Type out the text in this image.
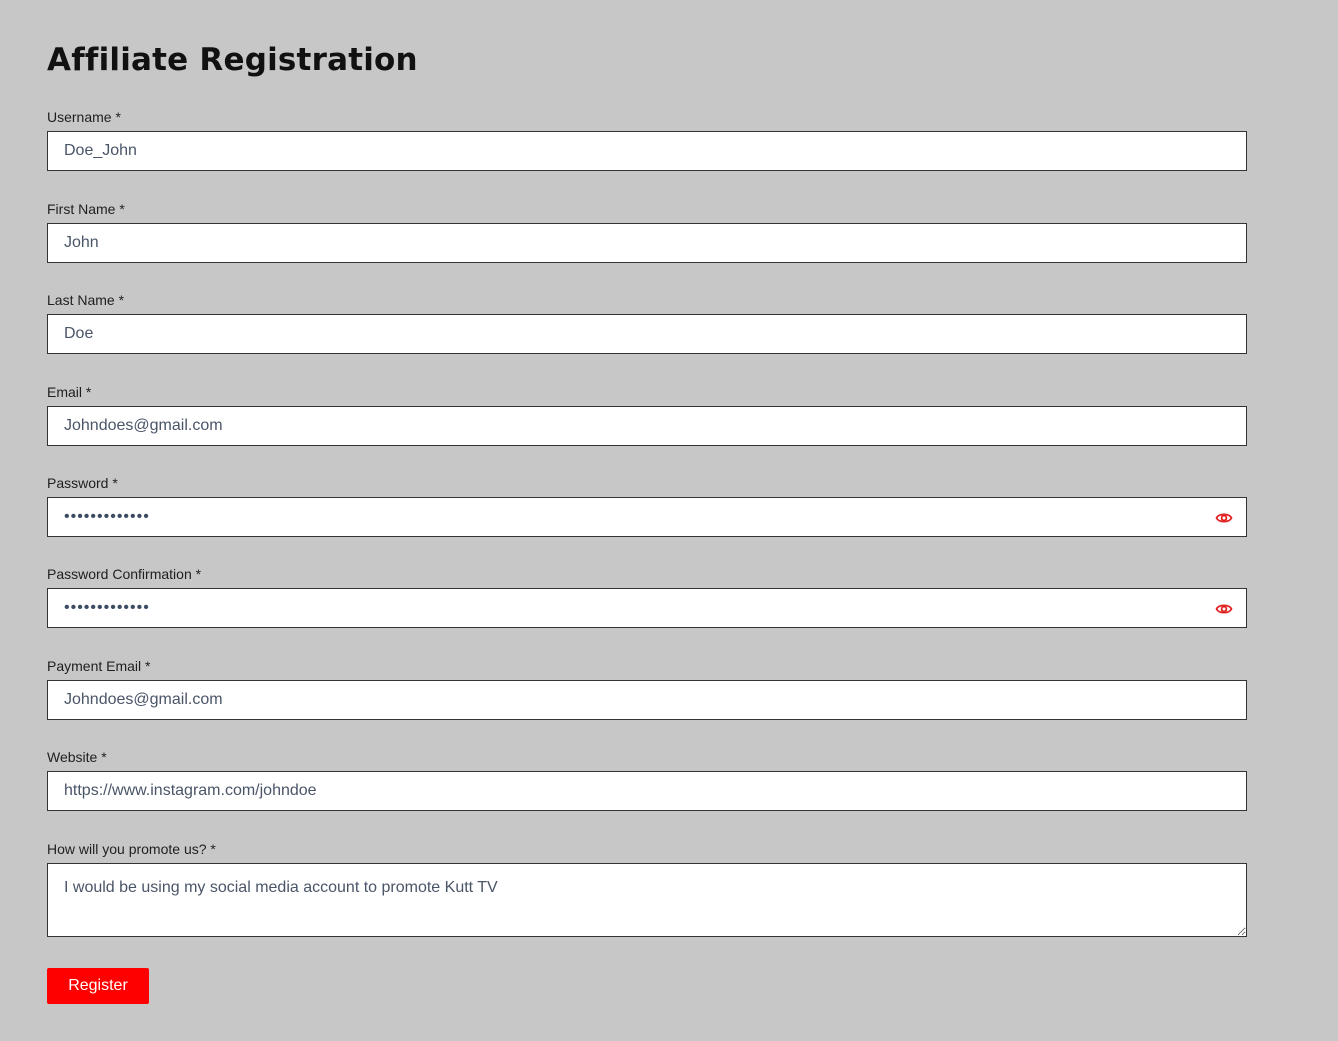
Affiliate Registration
Username *
Doe_John
First Name *
John
Last Name *
Doe
Email *
Johndoes@gmail.com
Password *
•••••••••••••
Password Confirmation *
•••••••••••••
Payment Email *
Johndoes@gmail.com
Website *
https://www.instagram.com/johndoe
How will you promote us? *
I would be using my social media account to promote Kutt TV
Register
